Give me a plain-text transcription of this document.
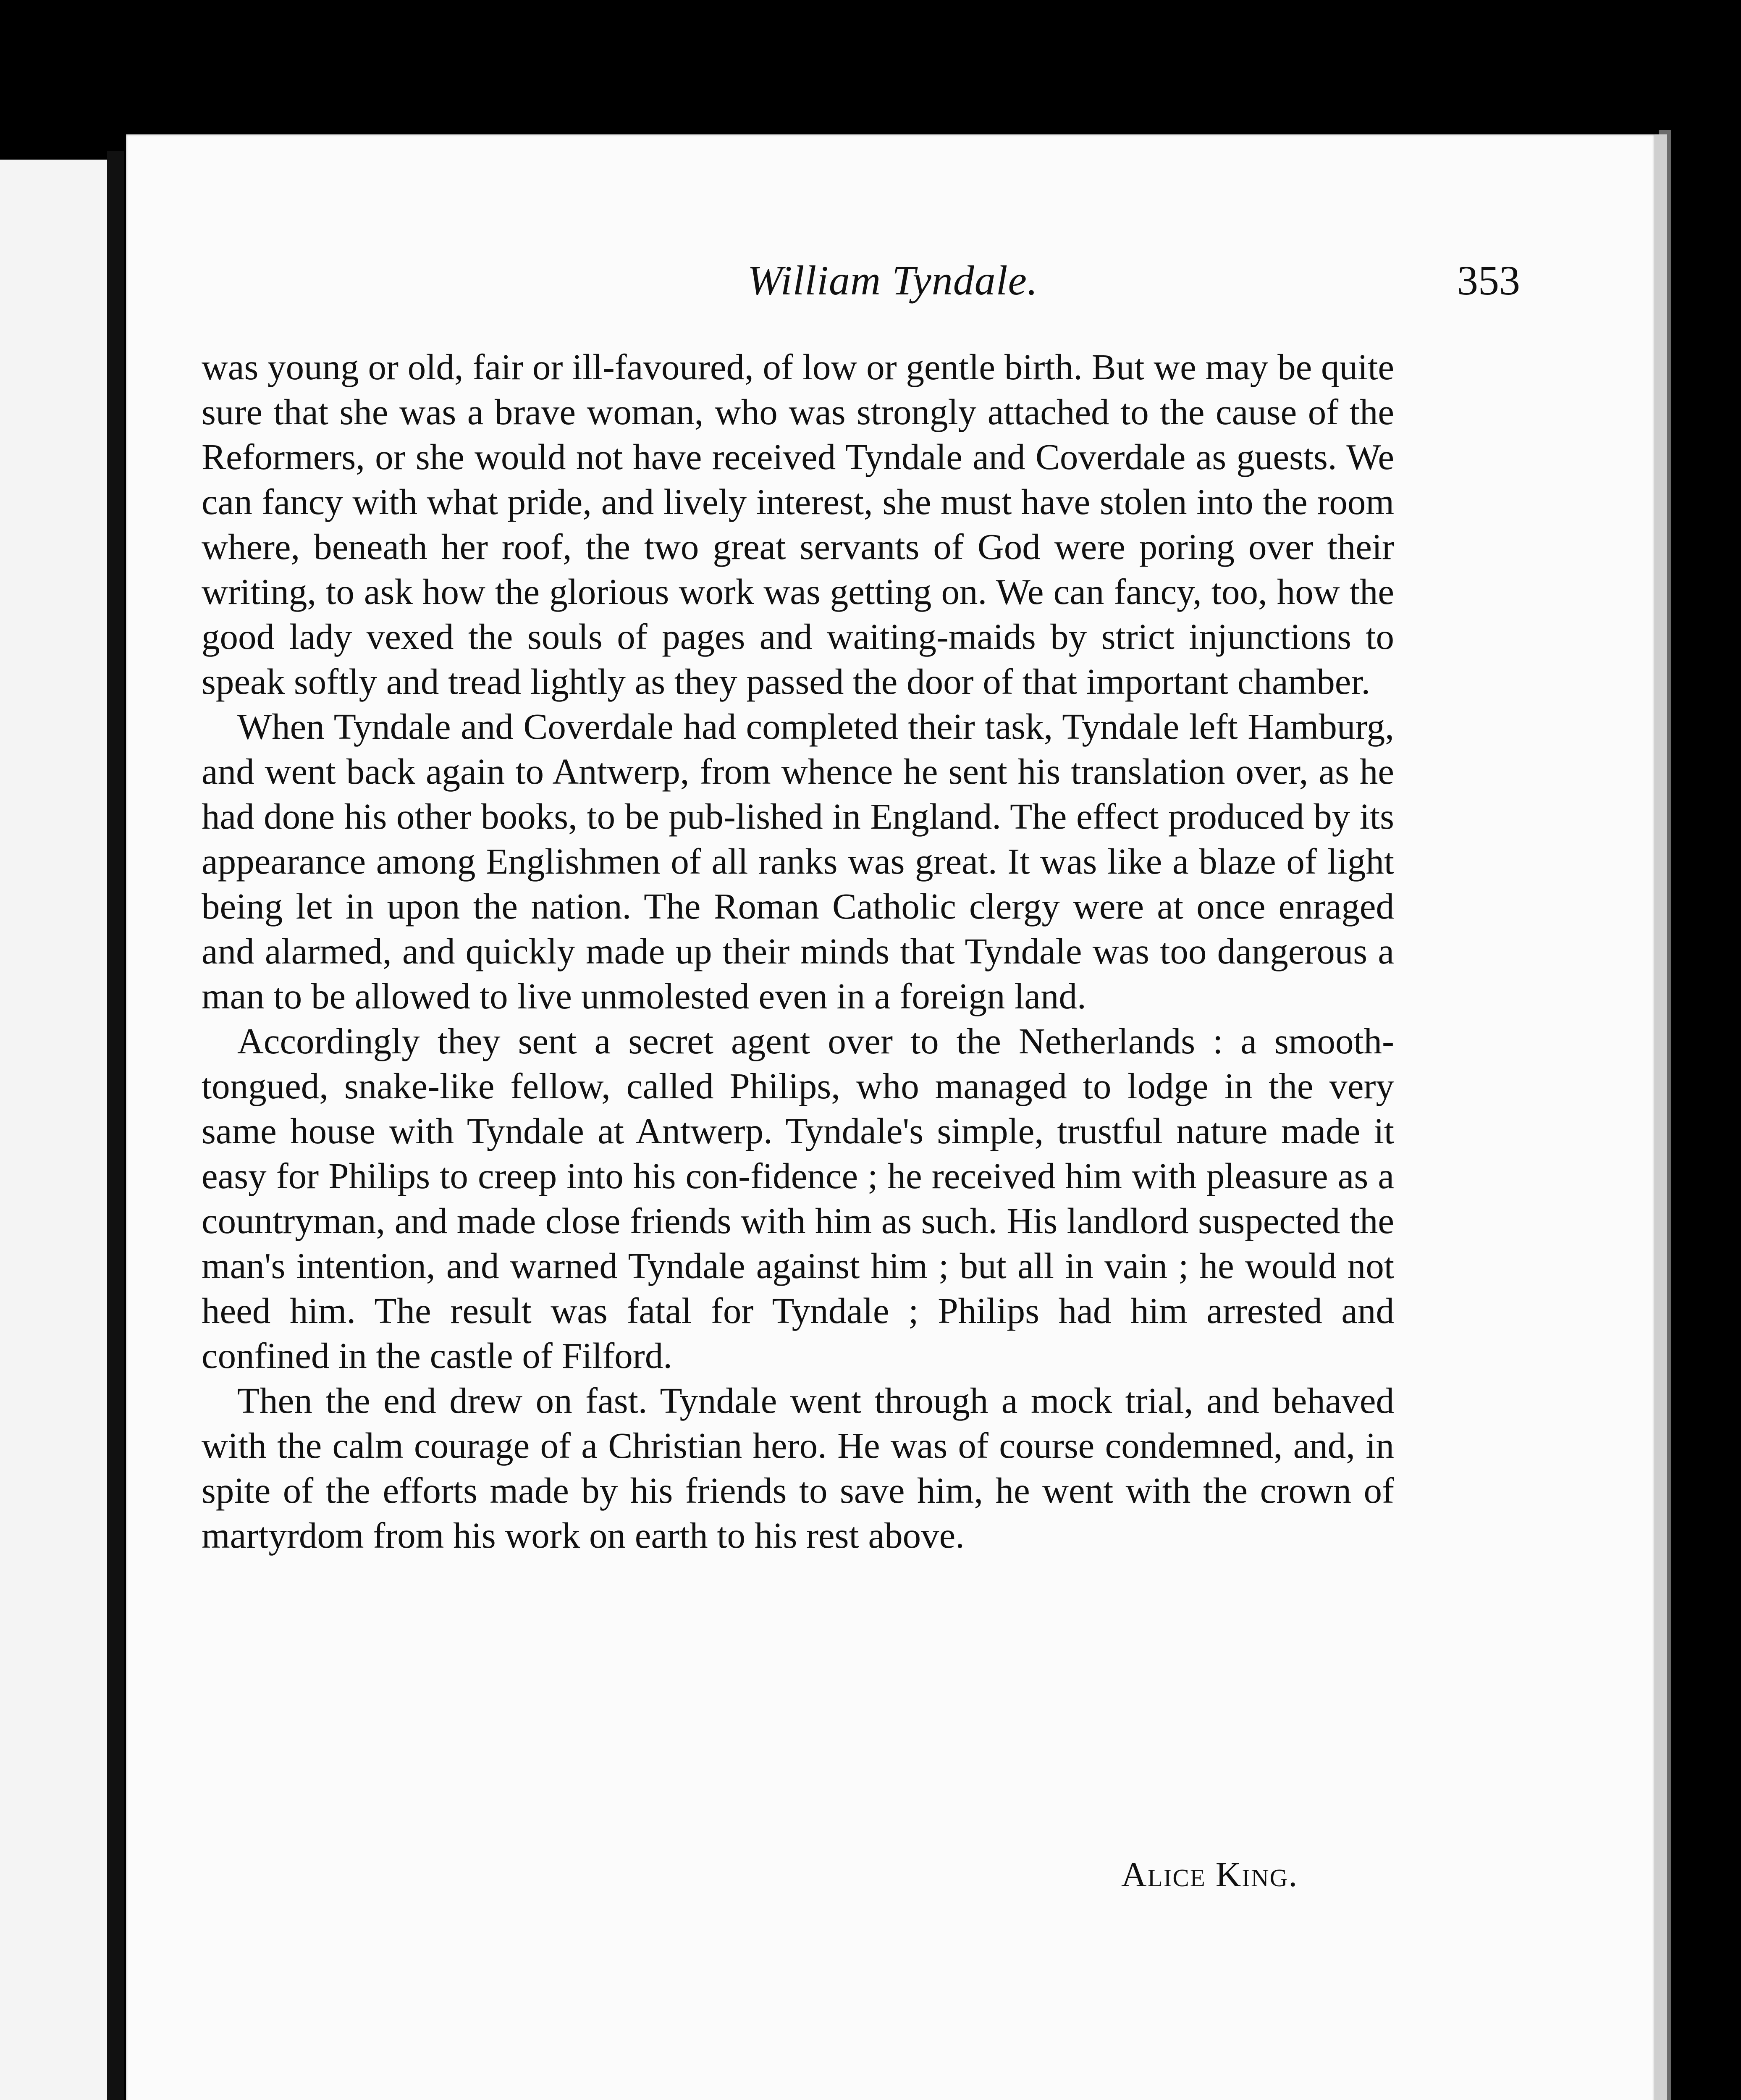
William Tyndale.	353

was young or old, fair or ill-favoured, of low or gentle birth. But we may be quite sure that she was a brave woman, who was strongly attached to the cause of the Reformers, or she would not have received Tyndale and Coverdale as guests. We can fancy with what pride, and lively interest, she must have stolen into the room where, beneath her roof, the two great servants of God were poring over their writing, to ask how the glorious work was getting on. We can fancy, too, how the good lady vexed the souls of pages and waiting-maids by strict injunctions to speak softly and tread lightly as they passed the door of that important chamber.

When Tyndale and Coverdale had completed their task, Tyndale left Hamburg, and went back again to Antwerp, from whence he sent his translation over, as he had done his other books, to be pub-lished in England. The effect produced by its appearance among Englishmen of all ranks was great. It was like a blaze of light being let in upon the nation. The Roman Catholic clergy were at once enraged and alarmed, and quickly made up their minds that Tyndale was too dangerous a man to be allowed to live unmolested even in a foreign land.

Accordingly they sent a secret agent over to the Netherlands : a smooth-tongued, snake-like fellow, called Philips, who managed to lodge in the very same house with Tyndale at Antwerp. Tyndale's simple, trustful nature made it easy for Philips to creep into his con-fidence ; he received him with pleasure as a countryman, and made close friends with him as such. His landlord suspected the man's intention, and warned Tyndale against him ; but all in vain ; he would not heed him. The result was fatal for Tyndale ; Philips had him arrested and confined in the castle of Filford.

Then the end drew on fast. Tyndale went through a mock trial, and behaved with the calm courage of a Christian hero. He was of course condemned, and, in spite of the efforts made by his friends to save him, he went with the crown of martyrdom from his work on earth to his rest above.

Alice King.
